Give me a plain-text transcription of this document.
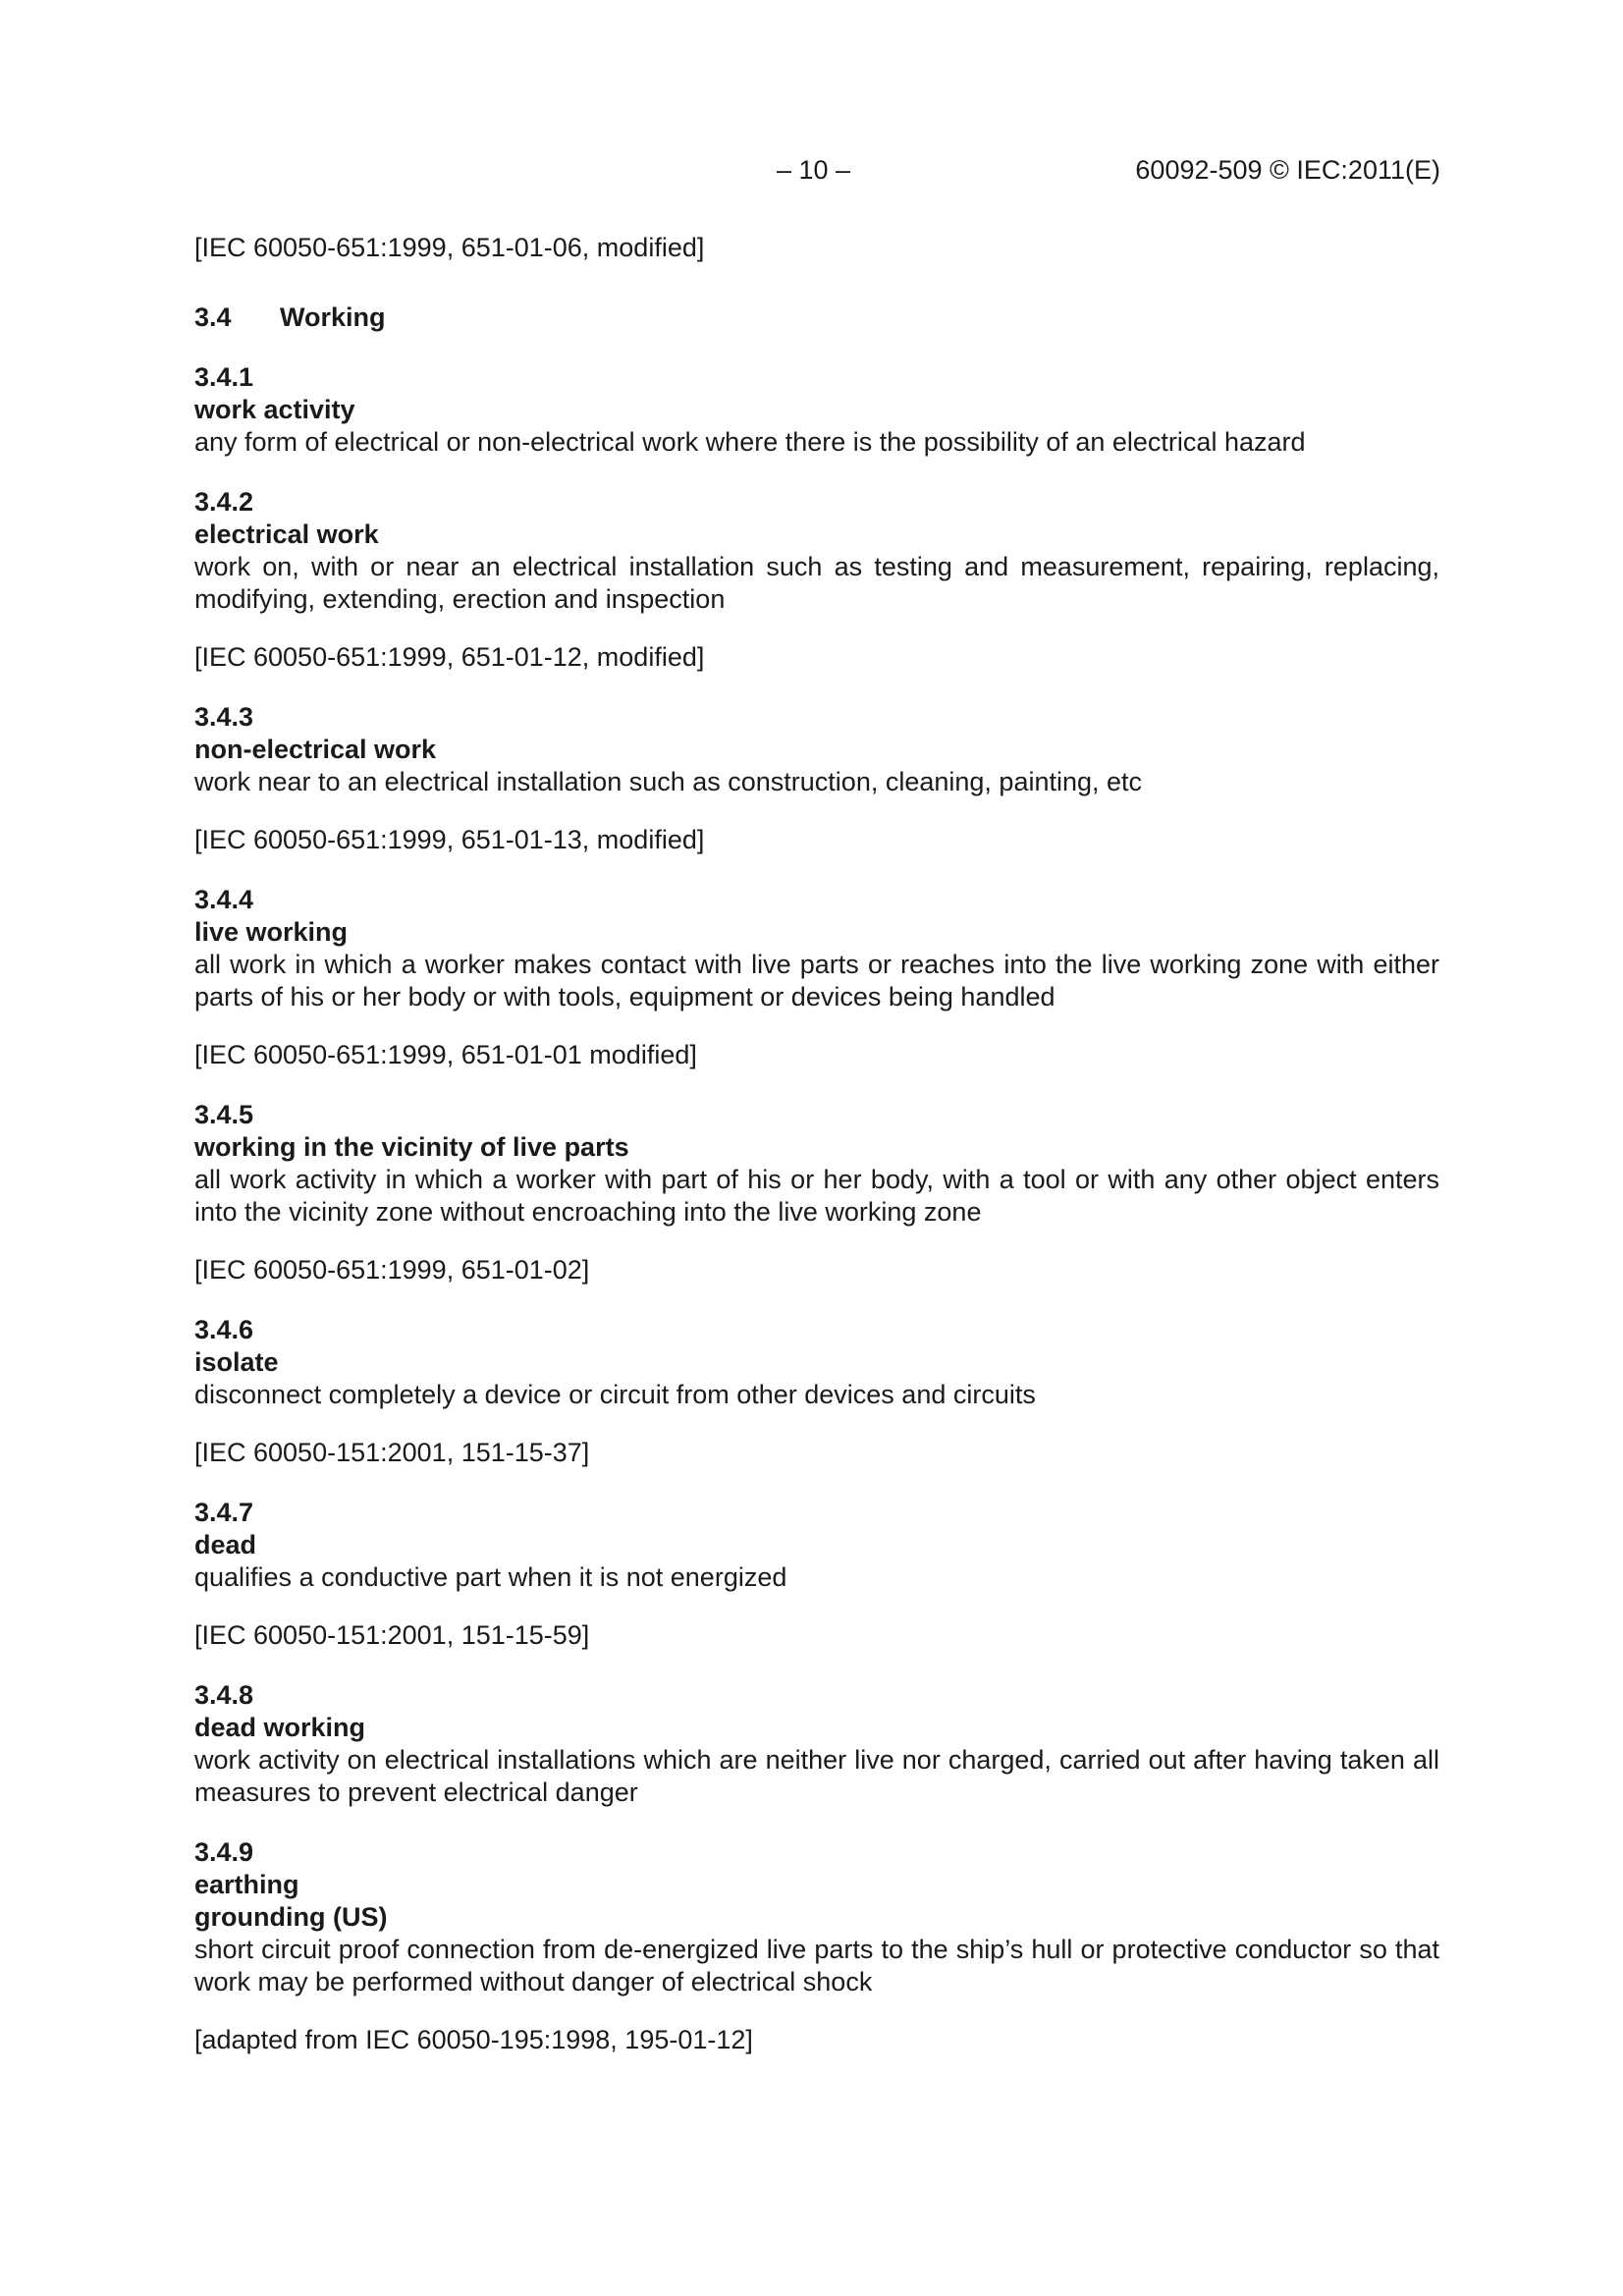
– 10 –	60092-509 © IEC:2011(E)

[IEC 60050-651:1999, 651-01-06, modified]

3.4 Working

3.4.1

work activity

any form of electrical or non-electrical work where there is the possibility of an electrical hazard

3.4.2

electrical work

work on, with or near an electrical installation such as testing and measurement, repairing, replacing, modifying, extending, erection and inspection

[IEC 60050-651:1999, 651-01-12, modified]

3.4.3

non-electrical work

work near to an electrical installation such as construction, cleaning, painting, etc

[IEC 60050-651:1999, 651-01-13, modified]

3.4.4

live working

all work in which a worker makes contact with live parts or reaches into the live working zone with either parts of his or her body or with tools, equipment or devices being handled

[IEC 60050-651:1999, 651-01-01 modified]

3.4.5

working in the vicinity of live parts

all work activity in which a worker with part of his or her body, with a tool or with any other object enters into the vicinity zone without encroaching into the live working zone

[IEC 60050-651:1999, 651-01-02]

3.4.6

isolate

disconnect completely a device or circuit from other devices and circuits

[IEC 60050-151:2001, 151-15-37]

3.4.7

dead

qualifies a conductive part when it is not energized

[IEC 60050-151:2001, 151-15-59]

3.4.8

dead working

work activity on electrical installations which are neither live nor charged, carried out after having taken all measures to prevent electrical danger

3.4.9

earthing

grounding (US)

short circuit proof connection from de-energized live parts to the ship’s hull or protective conductor so that work may be performed without danger of electrical shock

[adapted from IEC 60050-195:1998, 195-01-12]
